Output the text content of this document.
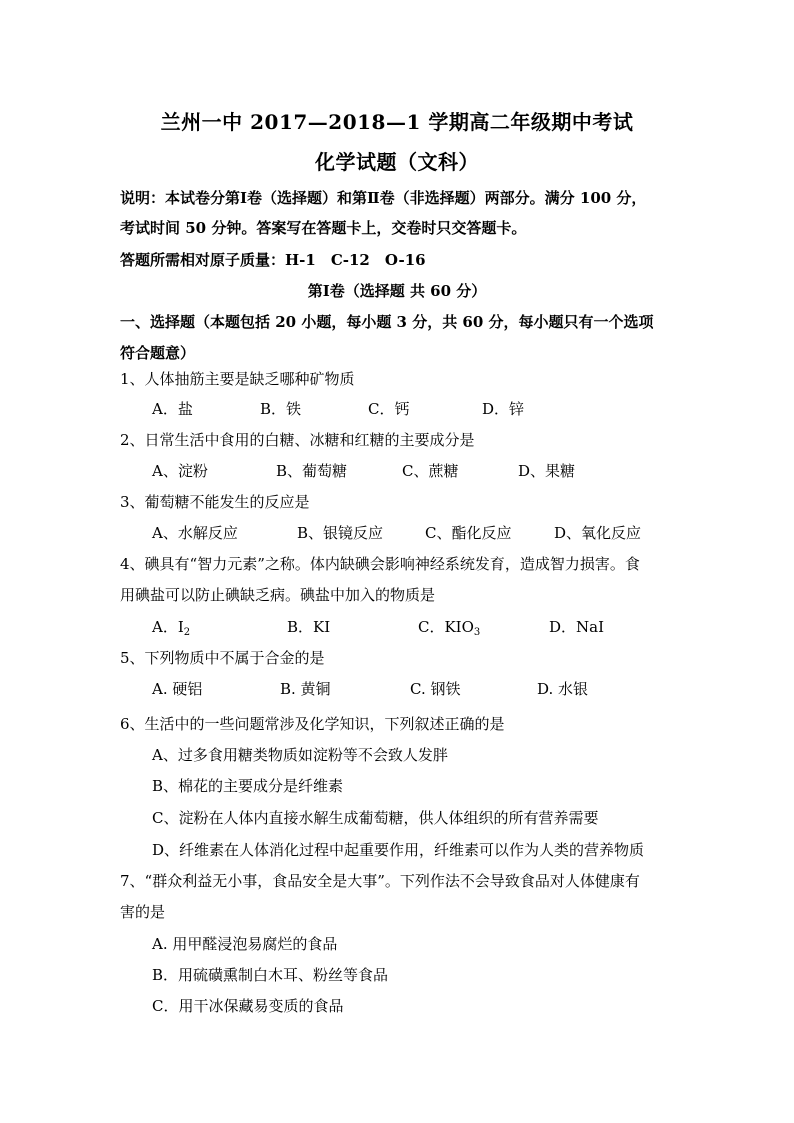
兰州一中 2017—2018—1 学期高二年级期中考试
化学试题（文科）
说明：本试卷分第Ⅰ卷（选择题）和第Ⅱ卷（非选择题）两部分。满分 100 分，
考试时间 50 分钟。答案写在答题卡上，交卷时只交答题卡。
答题所需相对原子质量：H-1　C-12　O-16
第Ⅰ卷（选择题 共 60 分）
一、选择题（本题包括 20 小题，每小题 3 分，共 60 分，每小题只有一个选项
符合题意）
1、人体抽筋主要是缺乏哪种矿物质
A．盐	B．铁	C．钙	D．锌
2、日常生活中食用的白糖、冰糖和红糖的主要成分是
A、淀粉	B、葡萄糖	C、蔗糖	D、果糖
3、葡萄糖不能发生的反应是
A、水解反应	B、银镜反应	C、酯化反应	D、氧化反应
4、碘具有“智力元素”之称。体内缺碘会影响神经系统发育，造成智力损害。食
用碘盐可以防止碘缺乏病。碘盐中加入的物质是
A．$I_2$	B．KI	C．$KIO_3$	D．NaI
5、下列物质中不属于合金的是
A. 硬铝	B. 黄铜	C. 钢铁	D. 水银
6、生活中的一些问题常涉及化学知识，下列叙述正确的是
A、过多食用糖类物质如淀粉等不会致人发胖
B、棉花的主要成分是纤维素
C、淀粉在人体内直接水解生成葡萄糖，供人体组织的所有营养需要
D、纤维素在人体消化过程中起重要作用，纤维素可以作为人类的营养物质
7、“群众利益无小事，食品安全是大事”。下列作法不会导致食品对人体健康有
害的是
A. 用甲醛浸泡易腐烂的食品
B．用硫磺熏制白木耳、粉丝等食品
C．用干冰保藏易变质的食品
